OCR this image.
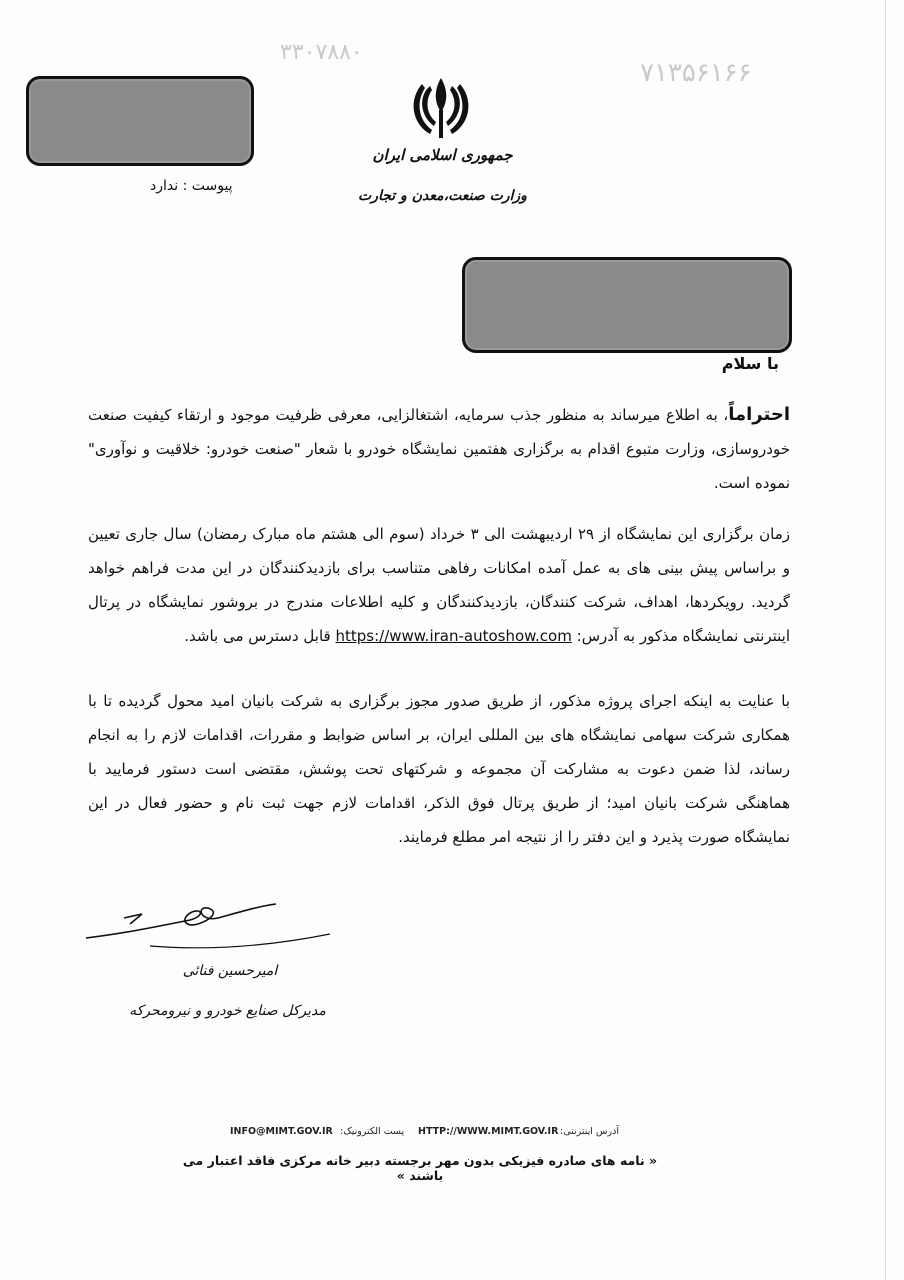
۷۱۳۵۶۱۶۶
۳۳۰۷۸۸۰
جمهوری اسلامی ایران
وزارت صنعت،معدن و تجارت
پیوست : ندارد
با سلام
احتراماً، به اطلاع میرساند به منظور جذب سرمایه، اشتغالزایی، معرفی ظرفیت موجود و ارتقاء کیفیت صنعت خودروسازی، وزارت متبوع اقدام به برگزاری هفتمین نمایشگاه خودرو با شعار "صنعت خودرو: خلاقیت و نوآوری" نموده است.
زمان برگزاری این نمایشگاه از ۲۹ اردیبهشت الی ۳ خرداد (سوم الی هشتم ماه مبارک رمضان) سال جاری تعیین و براساس پیش بینی های به عمل آمده امکانات رفاهی متناسب برای بازدیدکنندگان در این مدت فراهم خواهد گردید. رویکردها، اهداف، شرکت کنندگان، بازدیدکنندگان و کلیه اطلاعات مندرج در بروشور نمایشگاه در پرتال اینترنتی نمایشگاه مذکور به آدرس: https://www.iran-autoshow.com قابل دسترس می باشد.
با عنایت به اینکه اجرای پروژه مذکور، از طریق صدور مجوز برگزاری به شرکت بانیان امید محول گردیده تا با همکاری شرکت سهامی نمایشگاه های بین المللی ایران، بر اساس ضوابط و مقررات، اقدامات لازم را به انجام رساند، لذا ضمن دعوت به مشارکت آن مجموعه و شرکتهای تحت پوشش، مقتضی است دستور فرمایید با هماهنگی شرکت بانیان امید؛ از طریق پرتال فوق الذکر، اقدامات لازم جهت ثبت نام و حضور فعال در این نمایشگاه صورت پذیرد و این دفتر را از نتیجه امر مطلع فرمایند.
امیرحسین فنائی
مدیرکل صنایع خودرو و نیرومحرکه
INFO@MIMT.GOV.IR پست الکترونیک: HTTP://WWW.MIMT.GOV.IR آدرس اینترنتی:
« نامه های صادره فیزیکی بدون مهر برجسته دبیر خانه مرکزی فاقد اعتبار می باشند »
